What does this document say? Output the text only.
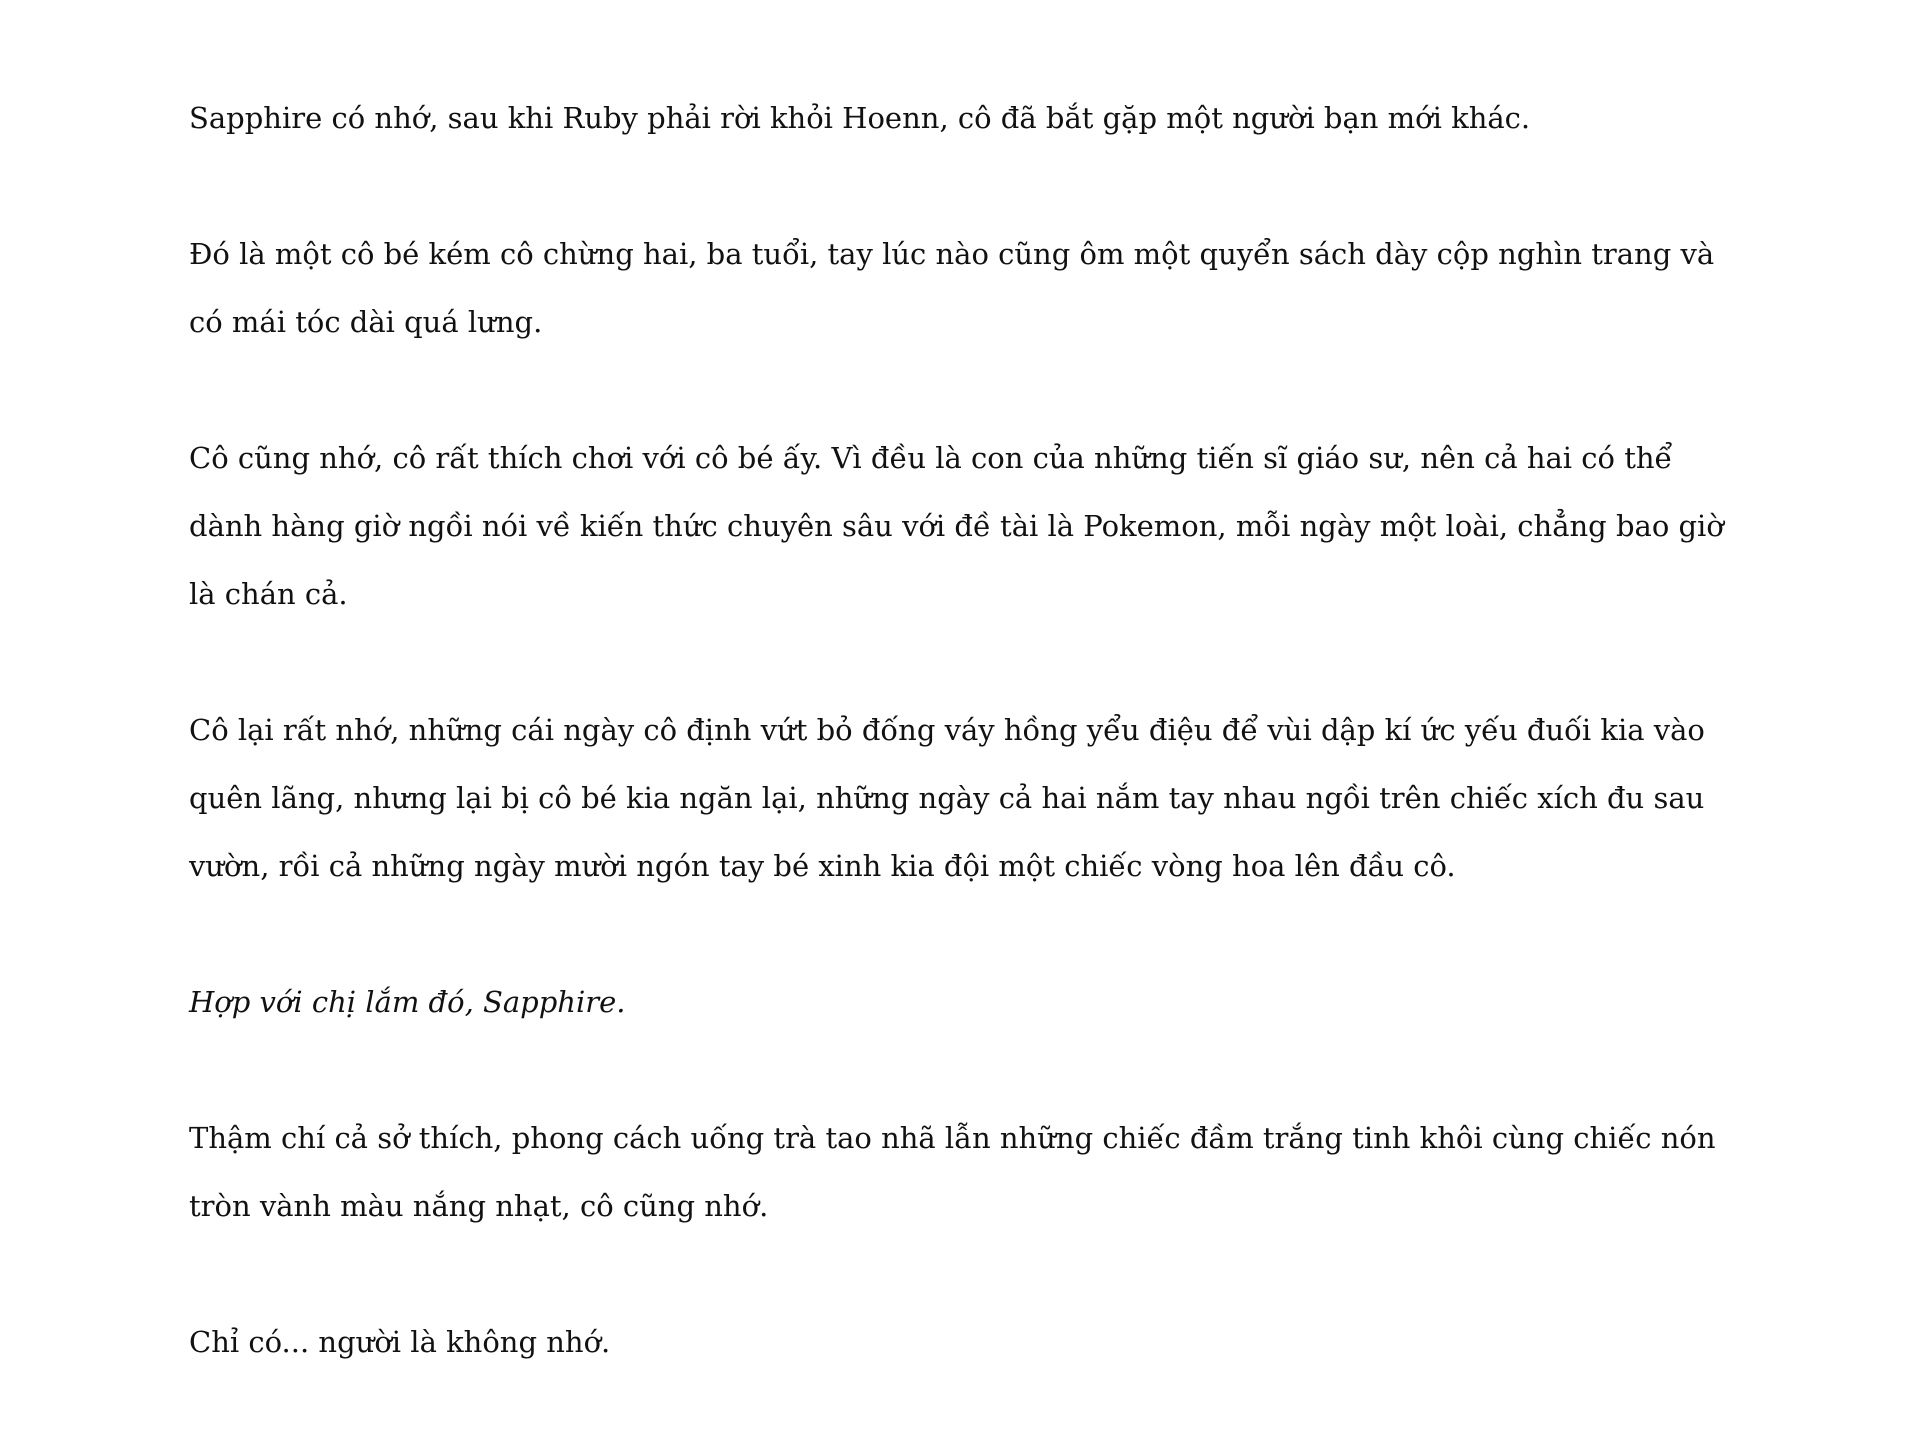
Sapphire có nhớ, sau khi Ruby phải rời khỏi Hoenn, cô đã bắt gặp một người bạn mới khác.

Đó là một cô bé kém cô chừng hai, ba tuổi, tay lúc nào cũng ôm một quyển sách dày cộp nghìn trang và có mái tóc dài quá lưng.

Cô cũng nhớ, cô rất thích chơi với cô bé ấy. Vì đều là con của những tiến sĩ giáo sư, nên cả hai có thể dành hàng giờ ngồi nói về kiến thức chuyên sâu với đề tài là Pokemon, mỗi ngày một loài, chẳng bao giờ là chán cả.

Cô lại rất nhớ, những cái ngày cô định vứt bỏ đống váy hồng yểu điệu để vùi dập kí ức yếu đuối kia vào quên lãng, nhưng lại bị cô bé kia ngăn lại, những ngày cả hai nắm tay nhau ngồi trên chiếc xích đu sau vườn, rồi cả những ngày mười ngón tay bé xinh kia đội một chiếc vòng hoa lên đầu cô.

Hợp với chị lắm đó, Sapphire.

Thậm chí cả sở thích, phong cách uống trà tao nhã lẫn những chiếc đầm trắng tinh khôi cùng chiếc nón tròn vành màu nắng nhạt, cô cũng nhớ.

Chỉ có... người là không nhớ.
